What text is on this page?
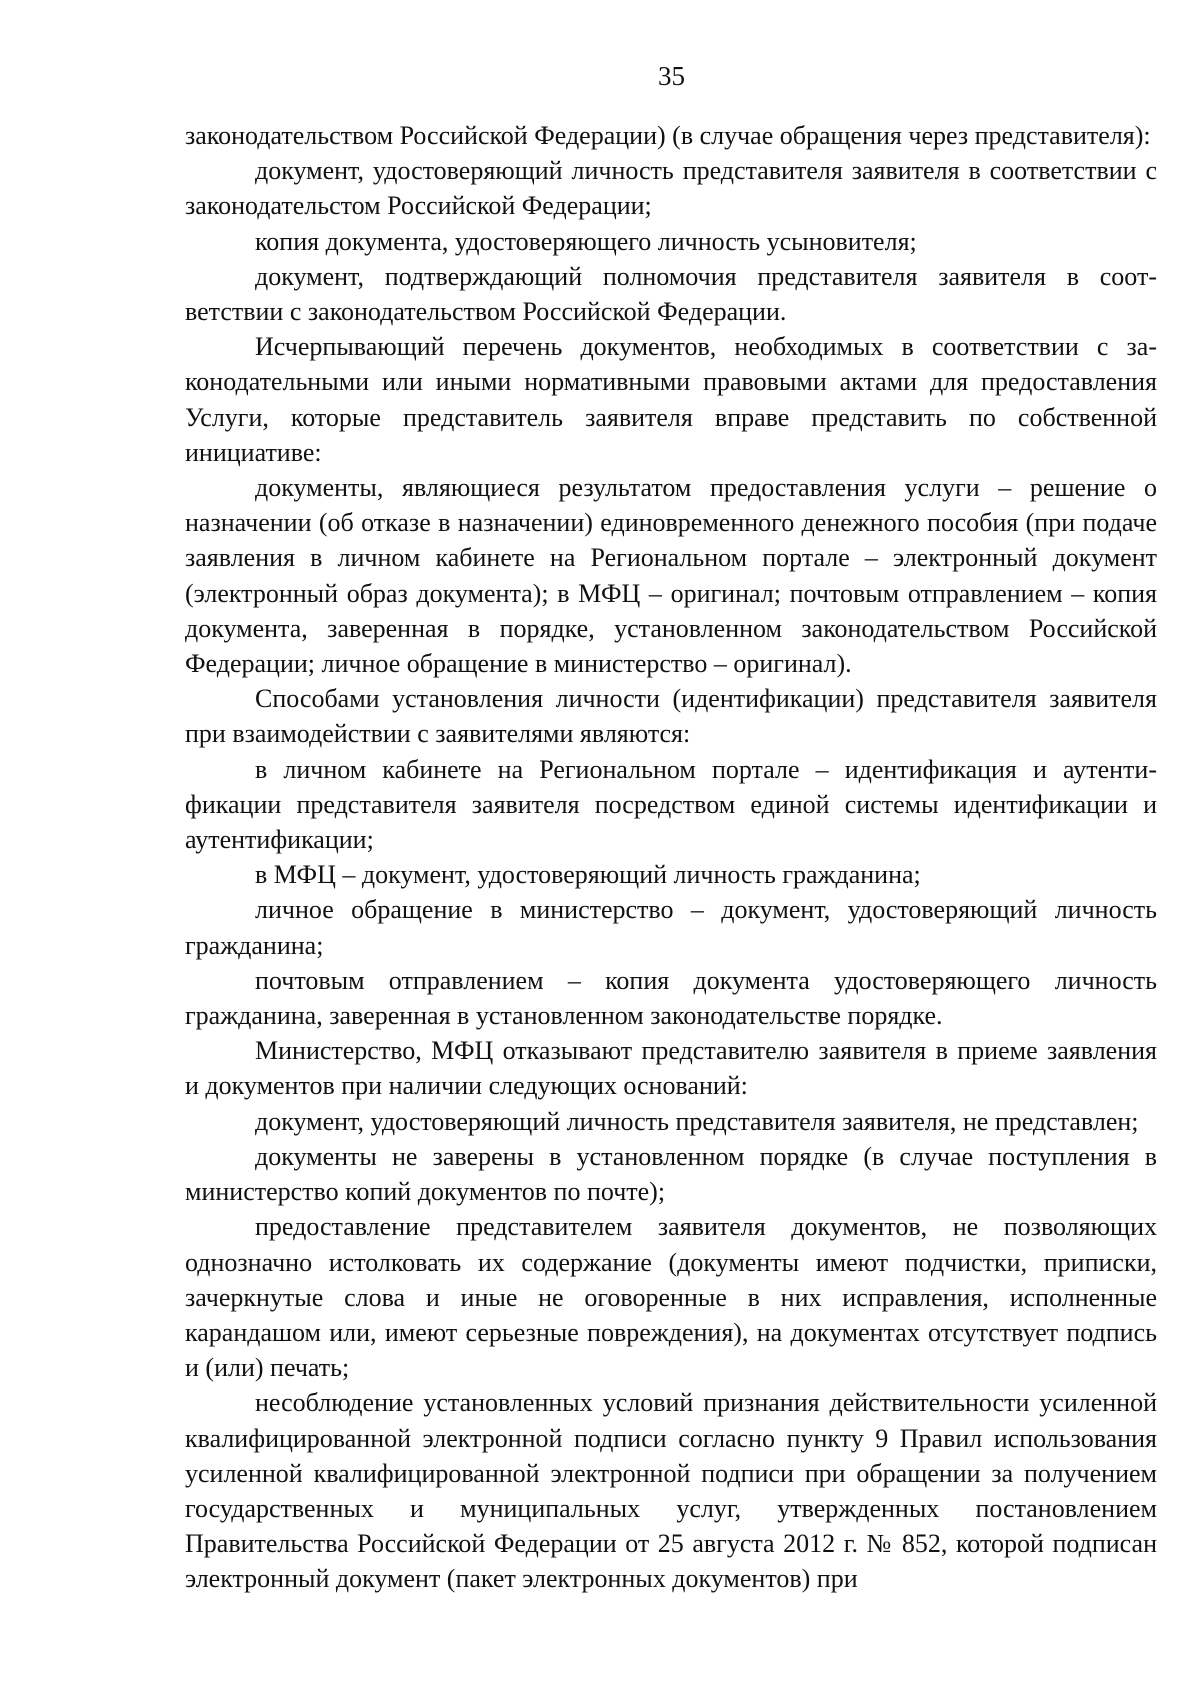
35

законодательством Российской Федерации) (в случае обращения через представителя):

документ, удостоверяющий личность представителя заявителя в соответствии с законодательстом Российской Федерации;

копия документа, удостоверяющего личность усыновителя;

документ, подтверждающий полномочия представителя заявителя в соответствии с законодательством Российской Федерации.

Исчерпывающий перечень документов, необходимых в соответствии с законодательными или иными нормативными правовыми актами для предоставления Услуги, которые представитель заявителя вправе представить по собственной инициативе:

документы, являющиеся результатом предоставления услуги – решение о назначении (об отказе в назначении) единовременного денежного пособия (при подаче заявления в личном кабинете на Региональном портале – электронный документ (электронный образ документа); в МФЦ – оригинал; почтовым отправлением – копия документа, заверенная в порядке, установленном законодательством Российской Федерации; личное обращение в министерство – оригинал).

Способами установления личности (идентификации) представителя заявителя при взаимодействии с заявителями являются:

в личном кабинете на Региональном портале – идентификация и аутентификации представителя заявителя посредством единой системы идентификации и аутентификации;

в МФЦ – документ, удостоверяющий личность гражданина;

личное обращение в министерство – документ, удостоверяющий личность гражданина;

почтовым отправлением – копия документа удостоверяющего личность гражданина, заверенная в установленном законодательстве порядке.

Министерство, МФЦ отказывают представителю заявителя в приеме заявления и документов при наличии следующих оснований:

документ, удостоверяющий личность представителя заявителя, не представлен;

документы не заверены в установленном порядке (в случае поступления в министерство копий документов по почте);

предоставление представителем заявителя документов, не позволяющих однозначно истолковать их содержание (документы имеют подчистки, приписки, зачеркнутые слова и иные не оговоренные в них исправления, исполненные карандашом или, имеют серьезные повреждения), на документах отсутствует подпись и (или) печать;

несоблюдение установленных условий признания действительности усиленной квалифицированной электронной подписи согласно пункту 9 Правил использования усиленной квалифицированной электронной подписи при обращении за получением государственных и муниципальных услуг, утвержденных постановлением Правительства Российской Федерации от 25 августа 2012 г. № 852, которой подписан электронный документ (пакет электронных документов) при
